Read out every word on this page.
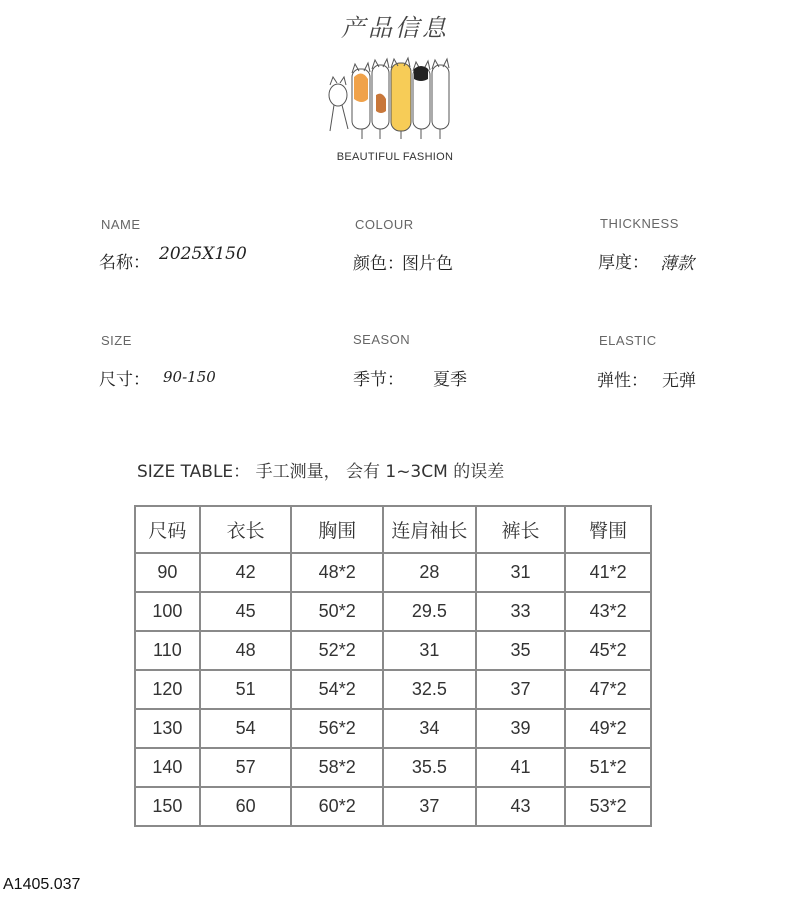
产品信息
BEAUTIFUL FASHION
NAME
名称： 2025X150
COLOUR
颜色：
图片色
THICKNESS
厚度： 薄款
SIZE
尺寸： 90-150
SEASON
季节： 夏季
ELASTIC
弹性： 无弹
SIZE TABLE： 手工测量， 会有 1~3CM 的误差
尺码	衣长	胸围	连肩袖长	裤长	臀围
90	42	48*2	28	31	41*2
100	45	50*2	29.5	33	43*2
110	48	52*2	31	35	45*2
120	51	54*2	32.5	37	47*2
130	54	56*2	34	39	49*2
140	57	58*2	35.5	41	51*2
150	60	60*2	37	43	53*2
A1405.037
